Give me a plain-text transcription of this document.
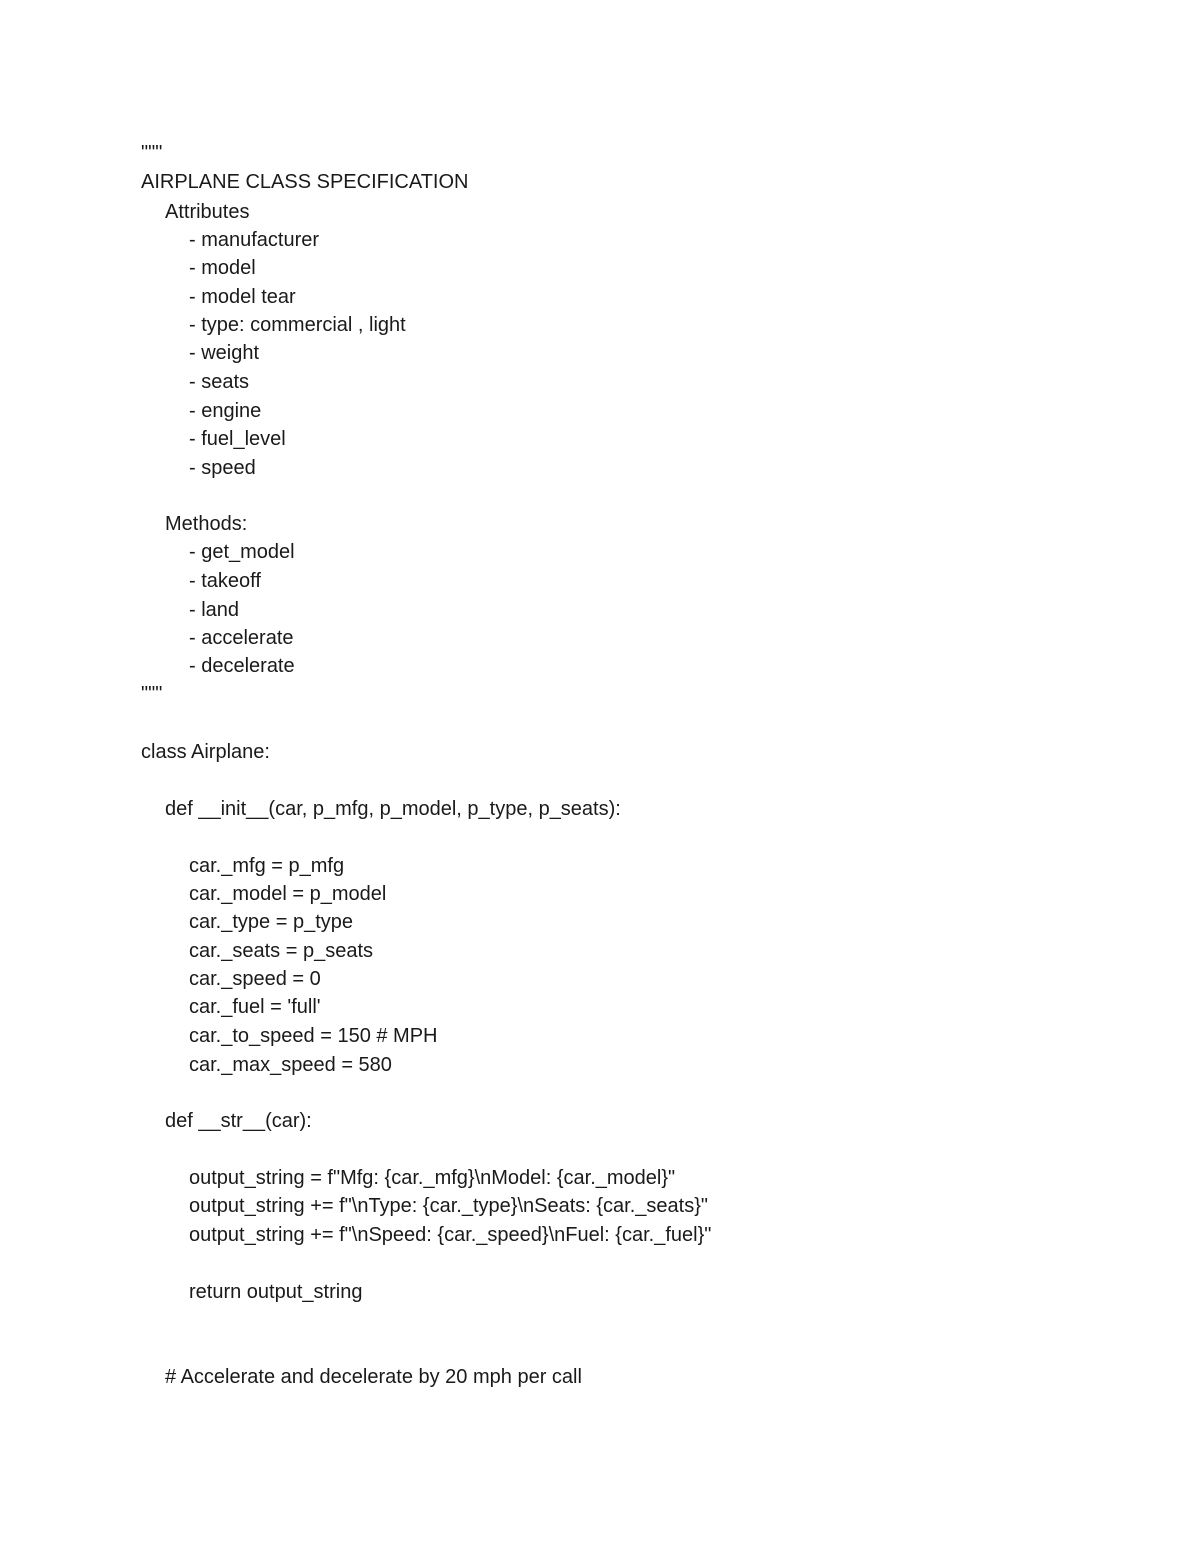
"""
AIRPLANE CLASS SPECIFICATION
Attributes
- manufacturer
- model
- model tear
- type: commercial , light
- weight
- seats
- engine
- fuel_level
- speed
Methods:
- get_model
- takeoff
- land
- accelerate
- decelerate
"""
class Airplane:
def __init__(car, p_mfg, p_model, p_type, p_seats):
car._mfg = p_mfg
car._model = p_model
car._type = p_type
car._seats = p_seats
car._speed = 0
car._fuel = 'full'
car._to_speed = 150 # MPH
car._max_speed = 580
def __str__(car):
output_string = f"Mfg: {car._mfg}\nModel: {car._model}"
output_string += f"\nType: {car._type}\nSeats: {car._seats}"
output_string += f"\nSpeed: {car._speed}\nFuel: {car._fuel}"
return output_string
# Accelerate and decelerate by 20 mph per call
